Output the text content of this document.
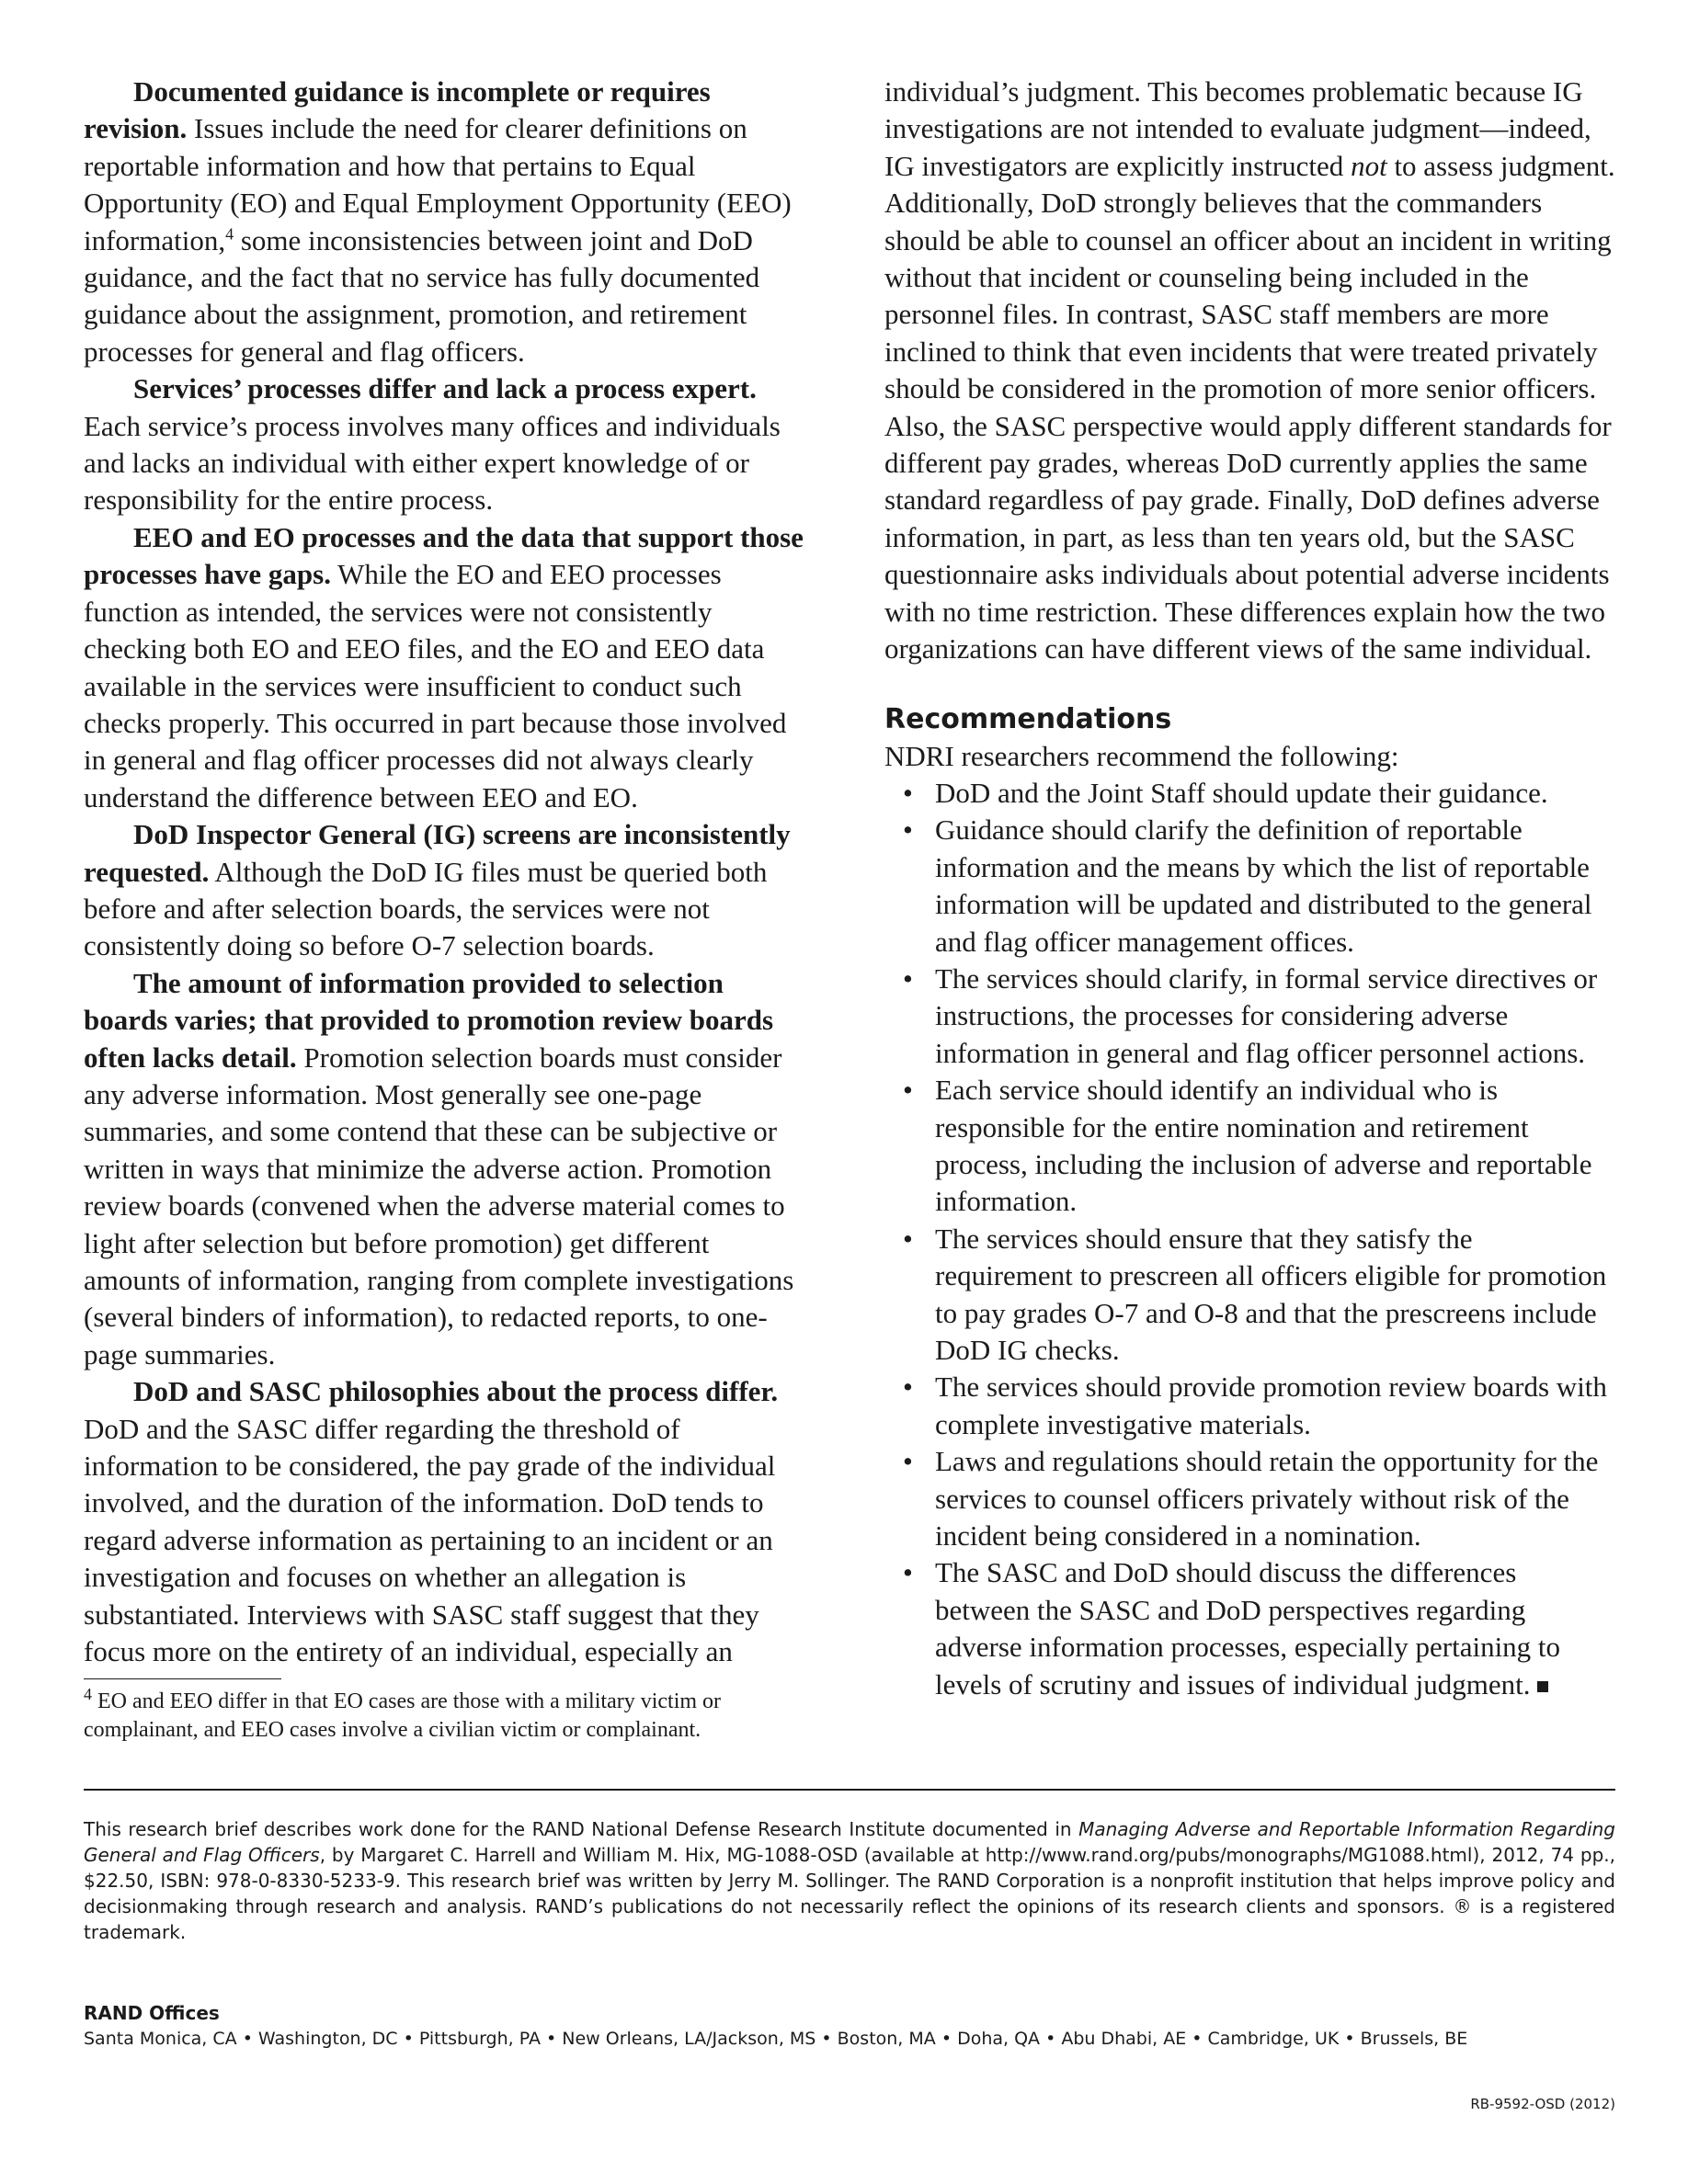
Documented guidance is incomplete or requires revision. Issues include the need for clearer definitions on reportable information and how that pertains to Equal Opportunity (EO) and Equal Employment Opportunity (EEO) information,$^4$ some inconsistencies between joint and DoD guidance, and the fact that no service has fully documented guidance about the assignment, promotion, and retirement processes for general and flag officers.

Services’ processes differ and lack a process expert. Each service’s process involves many offices and individuals and lacks an individual with either expert knowledge of or responsibility for the entire process.

EEO and EO processes and the data that support those processes have gaps. While the EO and EEO processes function as intended, the services were not consistently checking both EO and EEO files, and the EO and EEO data available in the services were insufficient to conduct such checks properly. This occurred in part because those involved in general and flag officer processes did not always clearly understand the difference between EEO and EO.

DoD Inspector General (IG) screens are inconsistently requested. Although the DoD IG files must be queried both before and after selection boards, the services were not consistently doing so before O-7 selection boards.

The amount of information provided to selection boards varies; that provided to promotion review boards often lacks detail. Promotion selection boards must consider any adverse information. Most generally see one-page summaries, and some contend that these can be subjective or written in ways that minimize the adverse action. Promotion review boards (convened when the adverse material comes to light after selection but before promotion) get different amounts of information, ranging from complete investigations (several binders of information), to redacted reports, to one-page summaries.

DoD and SASC philosophies about the process differ. DoD and the SASC differ regarding the threshold of information to be considered, the pay grade of the individual involved, and the duration of the information. DoD tends to regard adverse information as pertaining to an incident or an investigation and focuses on whether an allegation is substantiated. Interviews with SASC staff suggest that they focus more on the entirety of an individual, especially an

$^4$ EO and EEO differ in that EO cases are those with a military victim or complainant, and EEO cases involve a civilian victim or complainant.

individual’s judgment. This becomes problematic because IG investigations are not intended to evaluate judgment—indeed, IG investigators are explicitly instructed not to assess judgment. Additionally, DoD strongly believes that the commanders should be able to counsel an officer about an incident in writing without that incident or counseling being included in the personnel files. In contrast, SASC staff members are more inclined to think that even incidents that were treated privately should be considered in the promotion of more senior officers. Also, the SASC perspective would apply different standards for different pay grades, whereas DoD currently applies the same standard regardless of pay grade. Finally, DoD defines adverse information, in part, as less than ten years old, but the SASC questionnaire asks individuals about potential adverse incidents with no time restriction. These differences explain how the two organizations can have different views of the same individual.

Recommendations

NDRI researchers recommend the following:

• DoD and the Joint Staff should update their guidance.
• Guidance should clarify the definition of reportable information and the means by which the list of reportable information will be updated and distributed to the general and flag officer management offices.
• The services should clarify, in formal service directives or instructions, the processes for considering adverse information in general and flag officer personnel actions.
• Each service should identify an individual who is responsible for the entire nomination and retirement process, including the inclusion of adverse and reportable information.
• The services should ensure that they satisfy the requirement to prescreen all officers eligible for promotion to pay grades O-7 and O-8 and that the prescreens include DoD IG checks.
• The services should provide promotion review boards with complete investigative materials.
• Laws and regulations should retain the opportunity for the services to counsel officers privately without risk of the incident being considered in a nomination.
• The SASC and DoD should discuss the differences between the SASC and DoD perspectives regarding adverse information processes, especially pertaining to levels of scrutiny and issues of individual judgment.
This research brief describes work done for the RAND National Defense Research Institute documented in Managing Adverse and Reportable Information Regarding General and Flag Officers, by Margaret C. Harrell and William M. Hix, MG-1088-OSD (available at http://www.rand.org/pubs/monographs/MG1088.html), 2012, 74 pp., $22.50, ISBN: 978-0-8330-5233-9. This research brief was written by Jerry M. Sollinger. The RAND Corporation is a nonprofit institution that helps improve policy and decisionmaking through research and analysis. RAND’s publications do not necessarily reflect the opinions of its research clients and sponsors. ® is a registered trademark.
RAND Offices
Santa Monica, CA • Washington, DC • Pittsburgh, PA • New Orleans, LA/Jackson, MS • Boston, MA • Doha, QA • Abu Dhabi, AE • Cambridge, UK • Brussels, BE
RB-9592-OSD (2012)
